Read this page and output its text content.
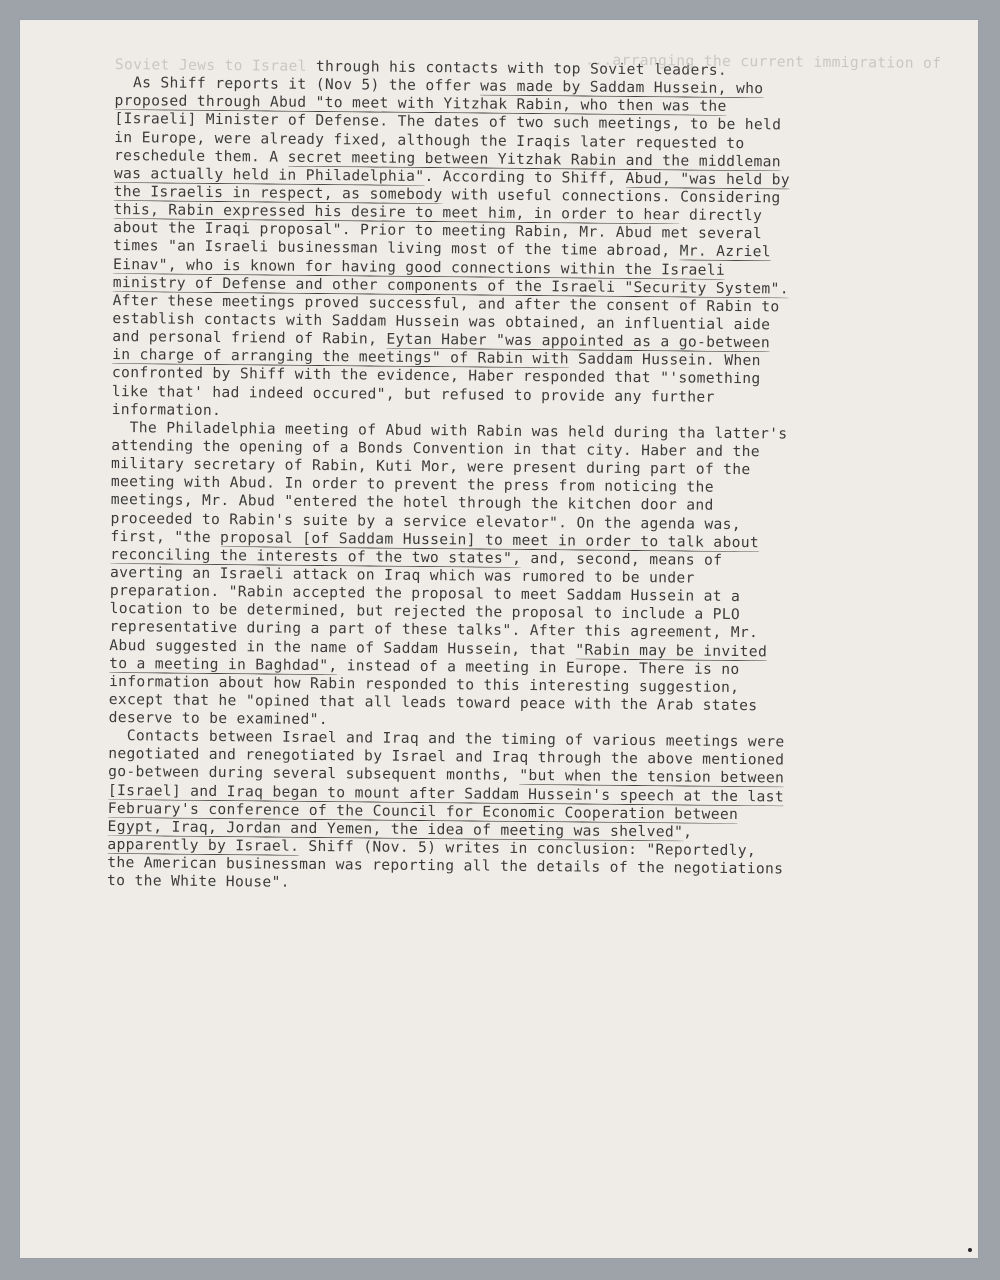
Soviet Jews to Israel through his contacts with top Soviet leaders.
...arranging the current immigration of
As Shiff reports it (Nov 5) the offer was made by Saddam Hussein, who
proposed through Abud "to meet with Yitzhak Rabin, who then was the
[Israeli] Minister of Defense. The dates of two such meetings, to be held
in Europe, were already fixed, although the Iraqis later requested to
reschedule them. A secret meeting between Yitzhak Rabin and the middleman
was actually held in Philadelphia". According to Shiff, Abud, "was held by
the Israelis in respect, as somebody with useful connections. Considering
this, Rabin expressed his desire to meet him, in order to hear directly
about the Iraqi proposal". Prior to meeting Rabin, Mr. Abud met several
times "an Israeli businessman living most of the time abroad, Mr. Azriel
Einav", who is known for having good connections within the Israeli
ministry of Defense and other components of the Israeli "Security System".
After these meetings proved successful, and after the consent of Rabin to
establish contacts with Saddam Hussein was obtained, an influential aide
and personal friend of Rabin, Eytan Haber "was appointed as a go-between
in charge of arranging the meetings" of Rabin with Saddam Hussein. When
confronted by Shiff with the evidence, Haber responded that "'something
like that' had indeed occured", but refused to provide any further
information.
The Philadelphia meeting of Abud with Rabin was held during tha latter's
attending the opening of a Bonds Convention in that city. Haber and the
military secretary of Rabin, Kuti Mor, were present during part of the
meeting with Abud. In order to prevent the press from noticing the
meetings, Mr. Abud "entered the hotel through the kitchen door and
proceeded to Rabin's suite by a service elevator". On the agenda was,
first, "the proposal [of Saddam Hussein] to meet in order to talk about
reconciling the interests of the two states", and, second, means of
averting an Israeli attack on Iraq which was rumored to be under
preparation. "Rabin accepted the proposal to meet Saddam Hussein at a
location to be determined, but rejected the proposal to include a PLO
representative during a part of these talks". After this agreement, Mr.
Abud suggested in the name of Saddam Hussein, that "Rabin may be invited
to a meeting in Baghdad", instead of a meeting in Europe. There is no
information about how Rabin responded to this interesting suggestion,
except that he "opined that all leads toward peace with the Arab states
deserve to be examined".
Contacts between Israel and Iraq and the timing of various meetings were
negotiated and renegotiated by Israel and Iraq through the above mentioned
go-between during several subsequent months, "but when the tension between
[Israel] and Iraq began to mount after Saddam Hussein's speech at the last
February's conference of the Council for Economic Cooperation between
Egypt, Iraq, Jordan and Yemen, the idea of meeting was shelved",
apparently by Israel. Shiff (Nov. 5) writes in conclusion: "Reportedly,
the American businessman was reporting all the details of the negotiations
to the White House".
